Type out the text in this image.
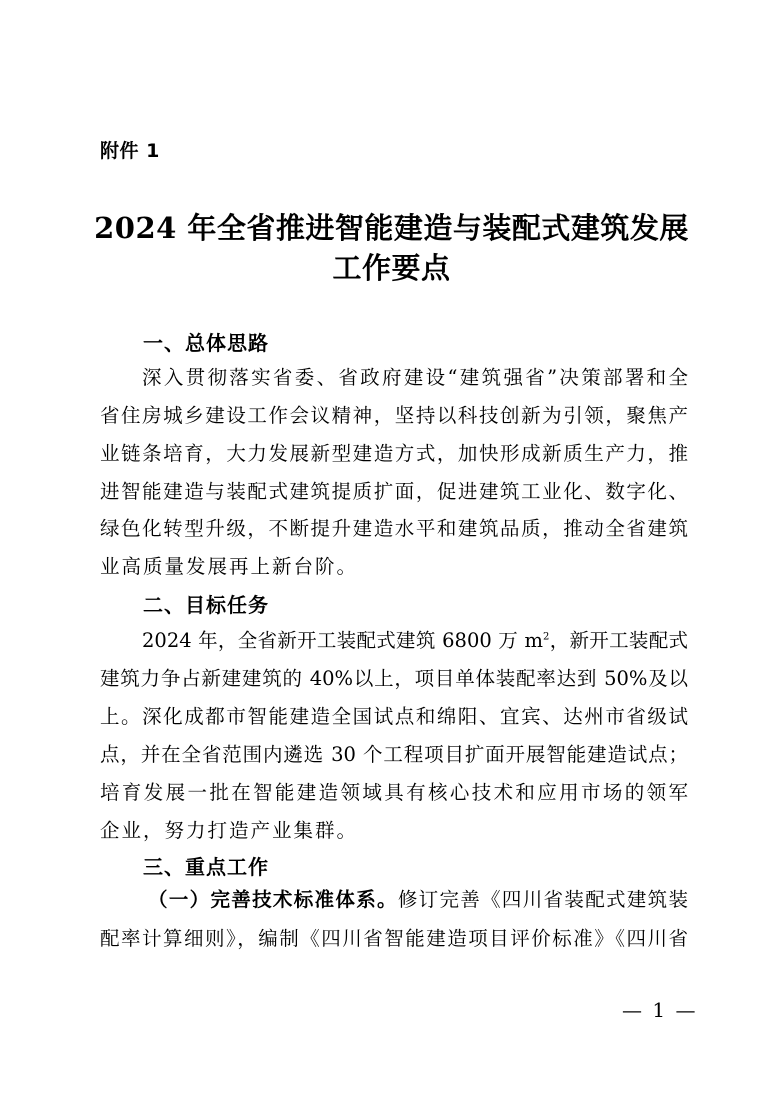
附件 1
2024 年全省推进智能建造与装配式建筑发展
工作要点
一、总体思路
深入贯彻落实省委、省政府建设“建筑强省”决策部署和全
省住房城乡建设工作会议精神，坚持以科技创新为引领，聚焦产
业链条培育，大力发展新型建造方式，加快形成新质生产力，推
进智能建造与装配式建筑提质扩面，促进建筑工业化、数字化、
绿色化转型升级，不断提升建造水平和建筑品质，推动全省建筑
业高质量发展再上新台阶。
二、目标任务
2024 年，全省新开工装配式建筑 6800 万 $m^2$，新开工装配式
建筑力争占新建建筑的 40%以上，项目单体装配率达到 50%及以
上。深化成都市智能建造全国试点和绵阳、宜宾、达州市省级试
点，并在全省范围内遴选 30 个工程项目扩面开展智能建造试点；
培育发展一批在智能建造领域具有核心技术和应用市场的领军
企业，努力打造产业集群。
三、重点工作
（一）完善技术标准体系。修订完善《四川省装配式建筑装
配率计算细则》，编制《四川省智能建造项目评价标准》《四川省
— 1 —
